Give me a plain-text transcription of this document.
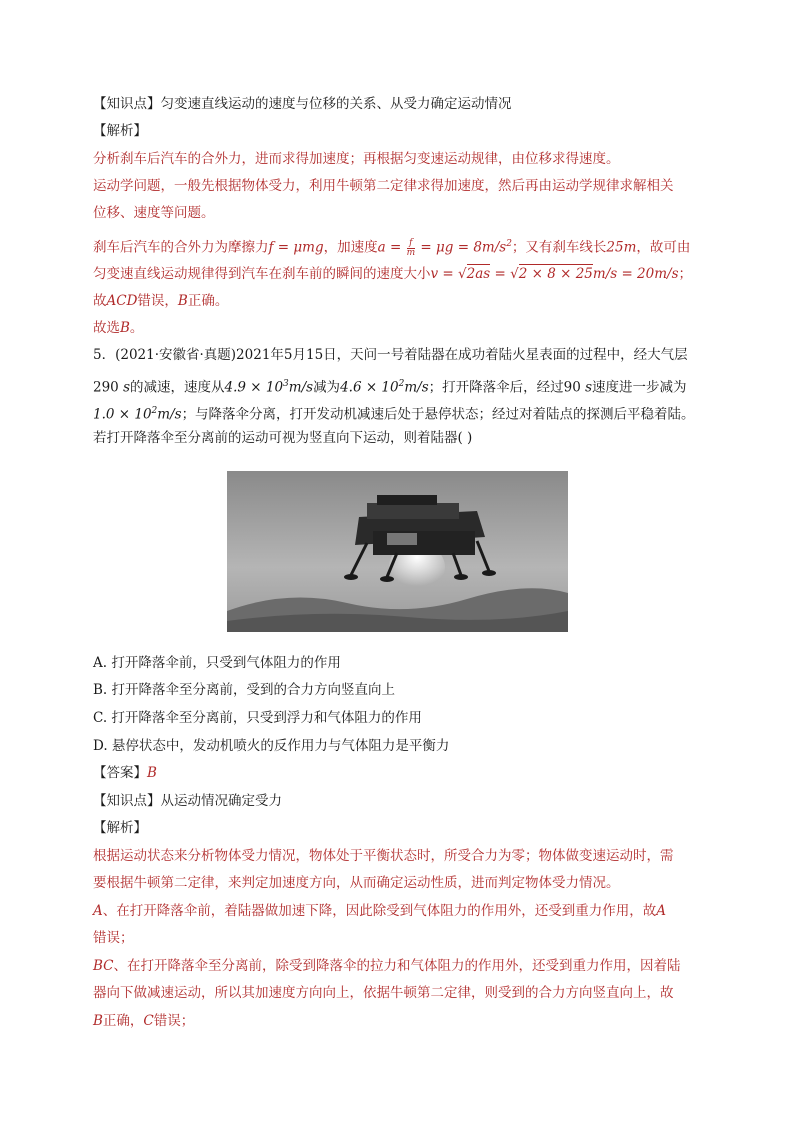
【知识点】匀变速直线运动的速度与位移的关系、从受力确定运动情况
【解析】
分析刹车后汽车的合外力，进而求得加速度；再根据匀变速运动规律，由位移求得速度。
运动学问题，一般先根据物体受力，利用牛顿第二定律求得加速度，然后再由运动学规律求解相关
位移、速度等问题。
刹车后汽车的合外力为摩擦力f = μmg，加速度$a = \frac{f}{m} = \mu g = 8m/s^2$；又有刹车线长25m，故可由
匀变速直线运动规律得到汽车在刹车前的瞬间的速度大小v = √2as = √2 × 8 × 25m/s = 20m/s；
故ACD错误，B正确。
故选B。
5．(2021·安徽省·真题)2021年5月15日，天问一号着陆器在成功着陆火星表面的过程中，经大气层
290 s的减速，速度从$4.9 \times 10^3m/s$减为$4.6 \times 10^2m/s$；打开降落伞后，经过90 s速度进一步减为
$1.0 \times 10^2m/s$；与降落伞分离，打开发动机减速后处于悬停状态；经过对着陆点的探测后平稳着陆。
若打开降落伞至分离前的运动可视为竖直向下运动，则着陆器( )
A. 打开降落伞前，只受到气体阻力的作用
B. 打开降落伞至分离前，受到的合力方向竖直向上
C. 打开降落伞至分离前，只受到浮力和气体阻力的作用
D. 悬停状态中，发动机喷火的反作用力与气体阻力是平衡力
【答案】B
【知识点】从运动情况确定受力
【解析】
根据运动状态来分析物体受力情况，物体处于平衡状态时，所受合力为零；物体做变速运动时，需
要根据牛顿第二定律，来判定加速度方向，从而确定运动性质，进而判定物体受力情况。
A、在打开降落伞前，着陆器做加速下降，因此除受到气体阻力的作用外，还受到重力作用，故A
错误；
BC、在打开降落伞至分离前，除受到降落伞的拉力和气体阻力的作用外，还受到重力作用，因着陆
器向下做减速运动，所以其加速度方向向上，依据牛顿第二定律，则受到的合力方向竖直向上，故
B正确，C错误；
